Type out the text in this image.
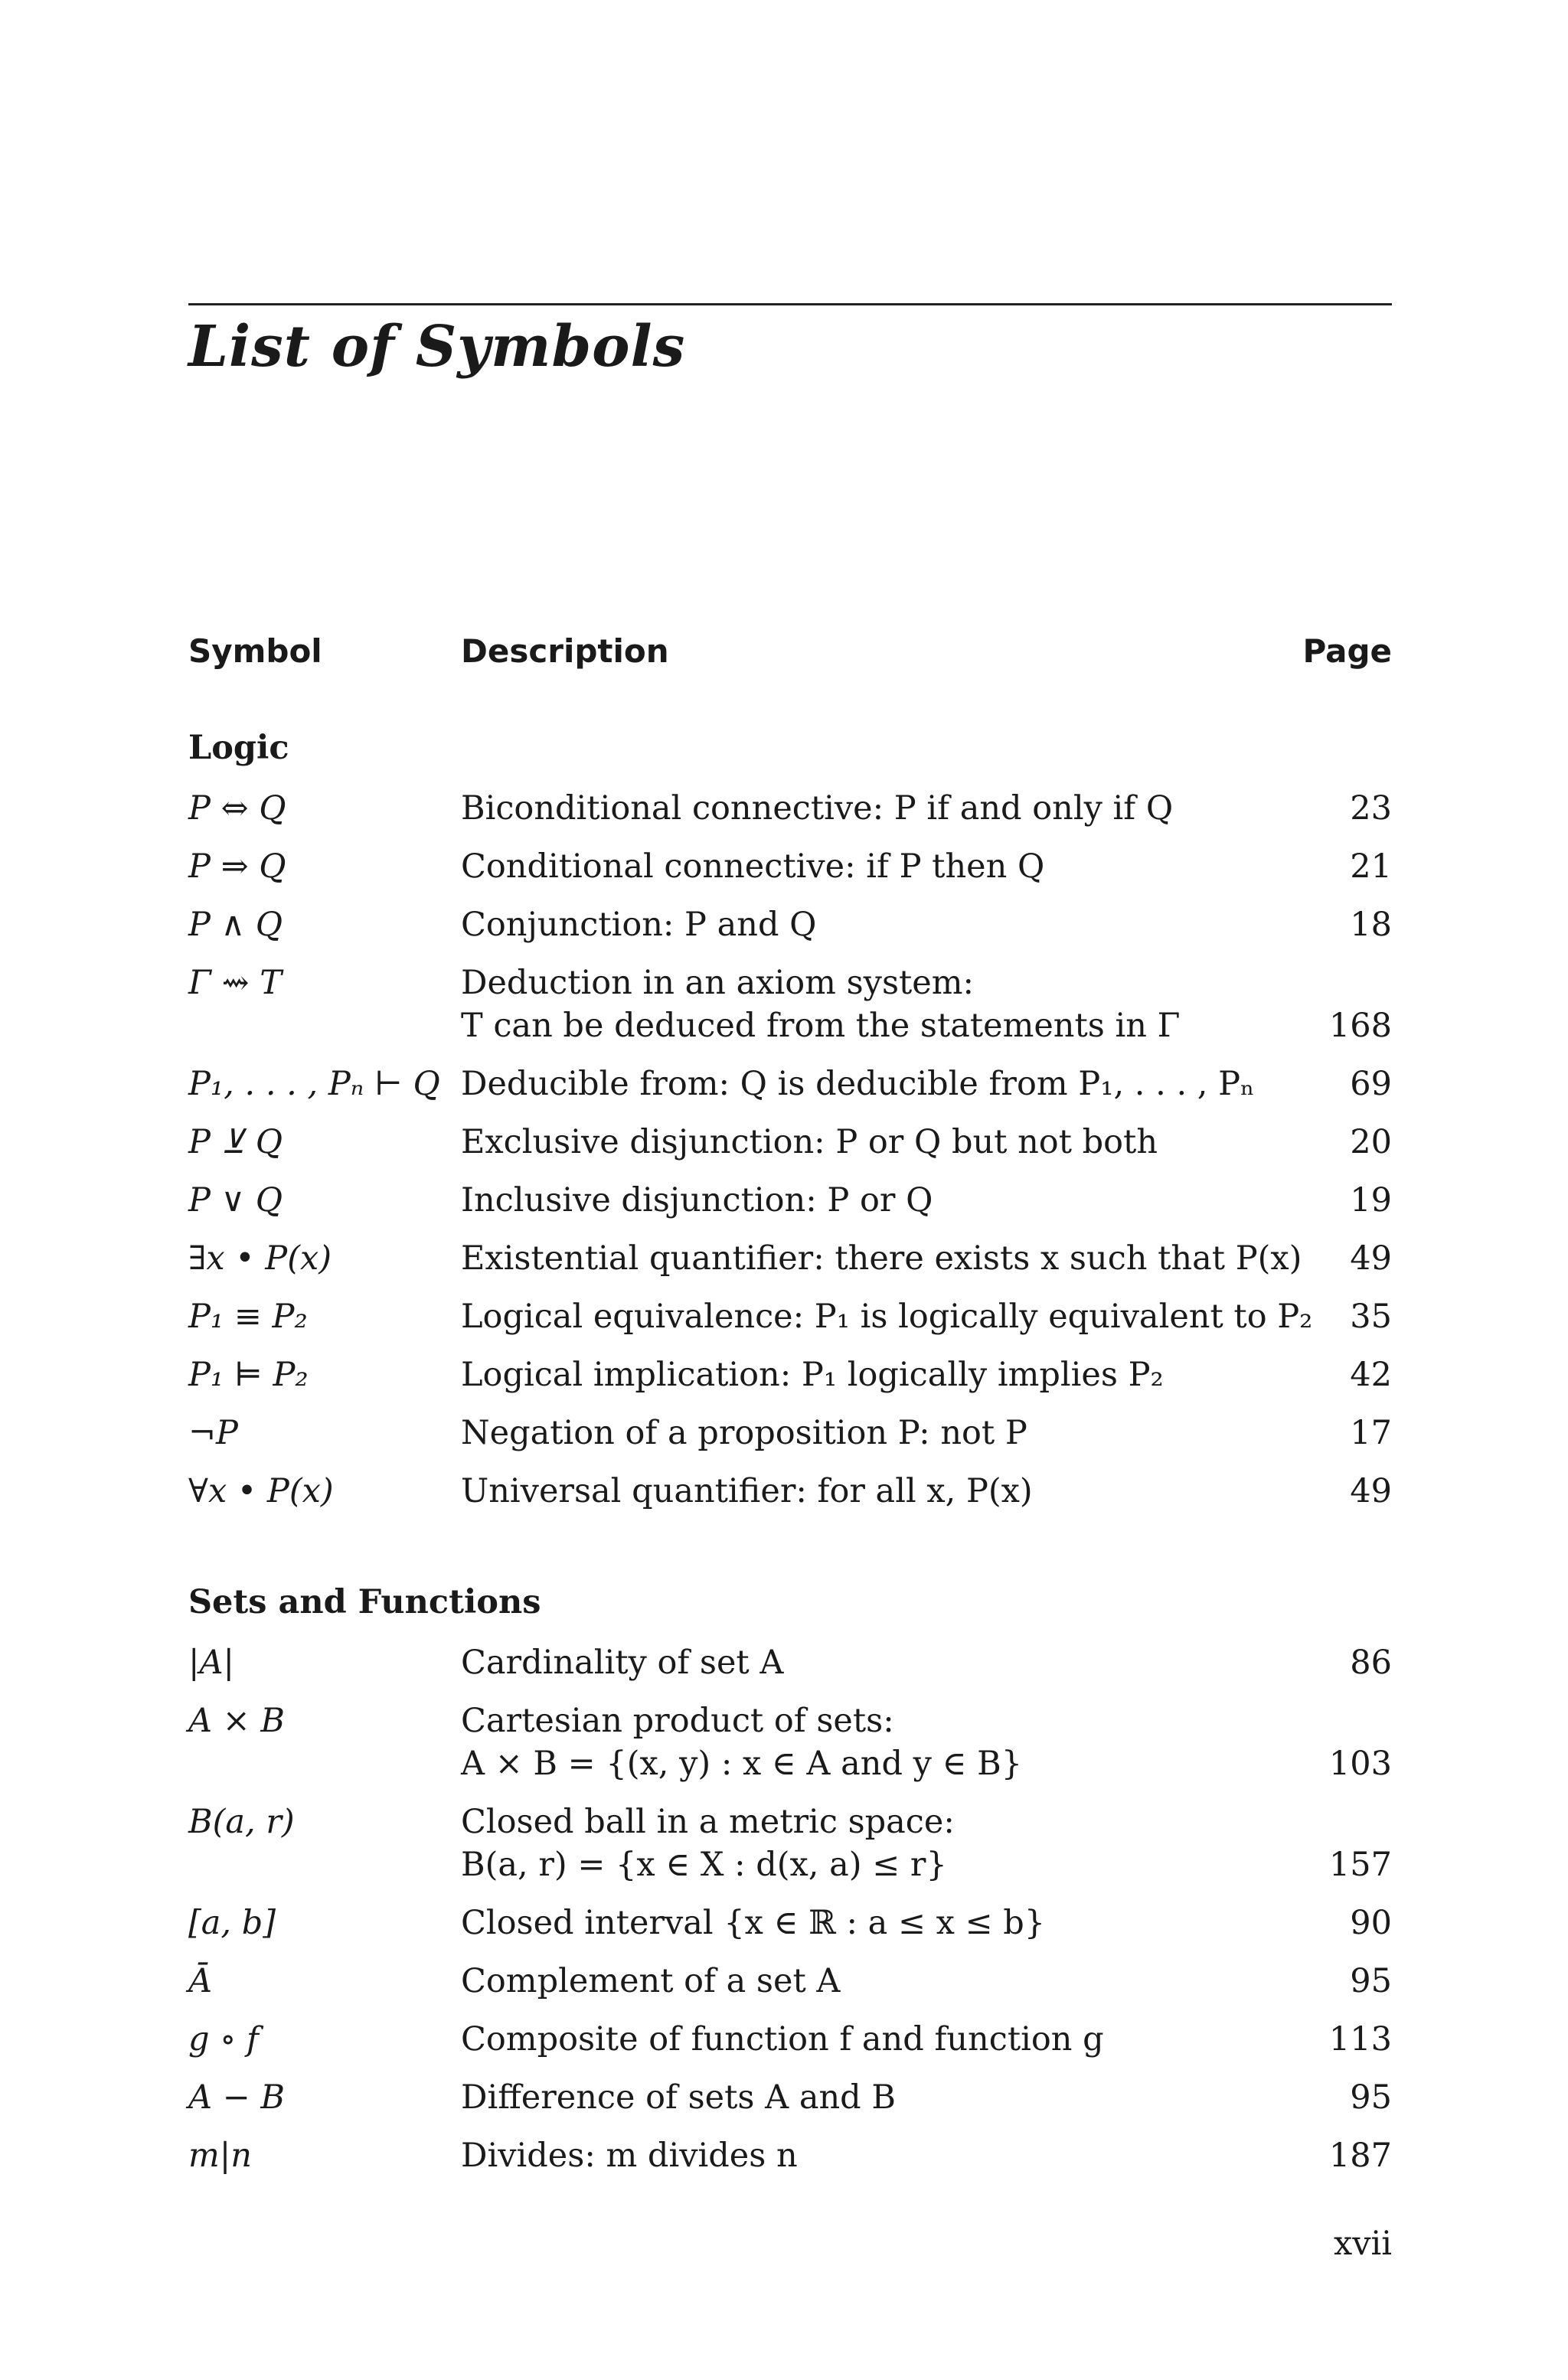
List of Symbols
Symbol	Description	Page
Logic
P ⇔ Q	Biconditional connective: P if and only if Q	23
P ⇒ Q	Conditional connective: if P then Q	21
P ∧ Q	Conjunction: P and Q	18
Γ ⇝ T	Deduction in an axiom system:
T can be deduced from the statements in Γ	168
P₁, . . . , Pₙ ⊢ Q Deducible from: Q is deducible from P₁, . . . , Pₙ	69
P ⊻ Q	Exclusive disjunction: P or Q but not both	20
P ∨ Q	Inclusive disjunction: P or Q	19
∃x • P(x)	Existential quantifier: there exists x such that P(x) 49
P₁ ≡ P₂	Logical equivalence: P₁ is logically equivalent to P₂ 35
P₁ ⊨ P₂	Logical implication: P₁ logically implies P₂	42
¬P	Negation of a proposition P: not P	17
∀x • P(x)	Universal quantifier: for all x, P(x)	49
Sets and Functions
|A|	Cardinality of set A	86
A × B	Cartesian product of sets:
A × B = {(x, y) : x ∈ A and y ∈ B}	103
B(a, r)	Closed ball in a metric space:
B(a, r) = {x ∈ X : d(x, a) ≤ r}	157
[a, b]	Closed interval {x ∈ ℝ : a ≤ x ≤ b}	90
Ā	Complement of a set A	95
g ∘ f	Composite of function f and function g	113
A − B	Difference of sets A and B	95
m|n	Divides: m divides n	187
xvii
